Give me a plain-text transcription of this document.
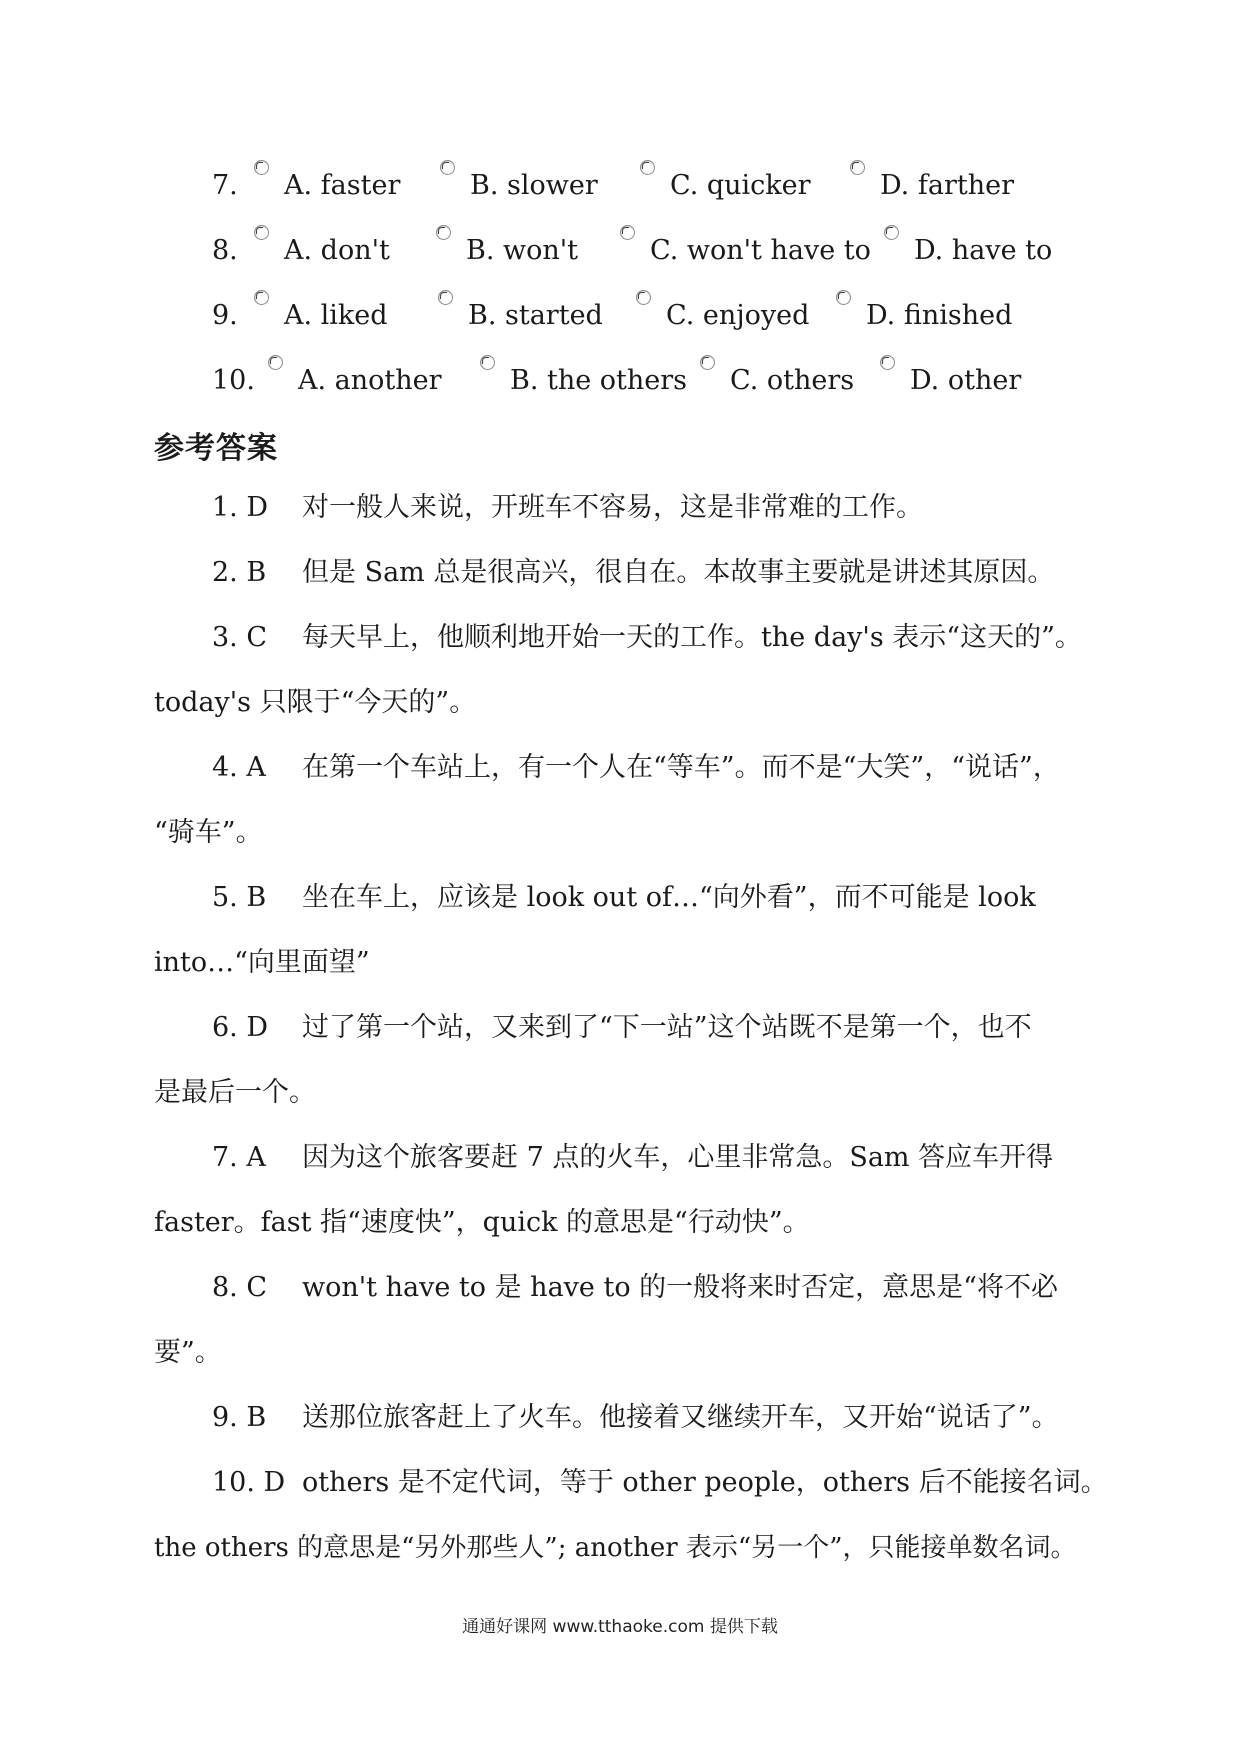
7. A. faster	B. slower	C. quicker	D. farther
8. A. don't	B. won't	C. won't have to D. have to
9. A. liked	B. started C. enjoyed D. finished
10. A. another	B. the others C. others D. other
参考答案
1. D 对一般人来说，开班车不容易，这是非常难的工作。
2. B 但是 Sam 总是很高兴，很自在。本故事主要就是讲述其原因。
3. C 每天早上，他顺利地开始一天的工作。the day's 表示“这天的”。
today's 只限于“今天的”。
4. A 在第一个车站上，有一个人在“等车”。而不是“大笑”，“说话”，
“骑车”。
5. B 坐在车上，应该是 look out of…“向外看”，而不可能是 look
into…“向里面望”
6. D 过了第一个站，又来到了“下一站”这个站既不是第一个，也不
是最后一个。
7. A 因为这个旅客要赶 7 点的火车，心里非常急。Sam 答应车开得
faster。fast 指“速度快”，quick 的意思是“行动快”。
8. C won't have to 是 have to 的一般将来时否定，意思是“将不必
要”。
9. B 送那位旅客赶上了火车。他接着又继续开车，又开始“说话了”。
10. D others 是不定代词，等于 other people，others 后不能接名词。
the others 的意思是“另外那些人”; another 表示“另一个”，只能接单数名词。
通通好课网 www.tthaoke.com 提供下载
